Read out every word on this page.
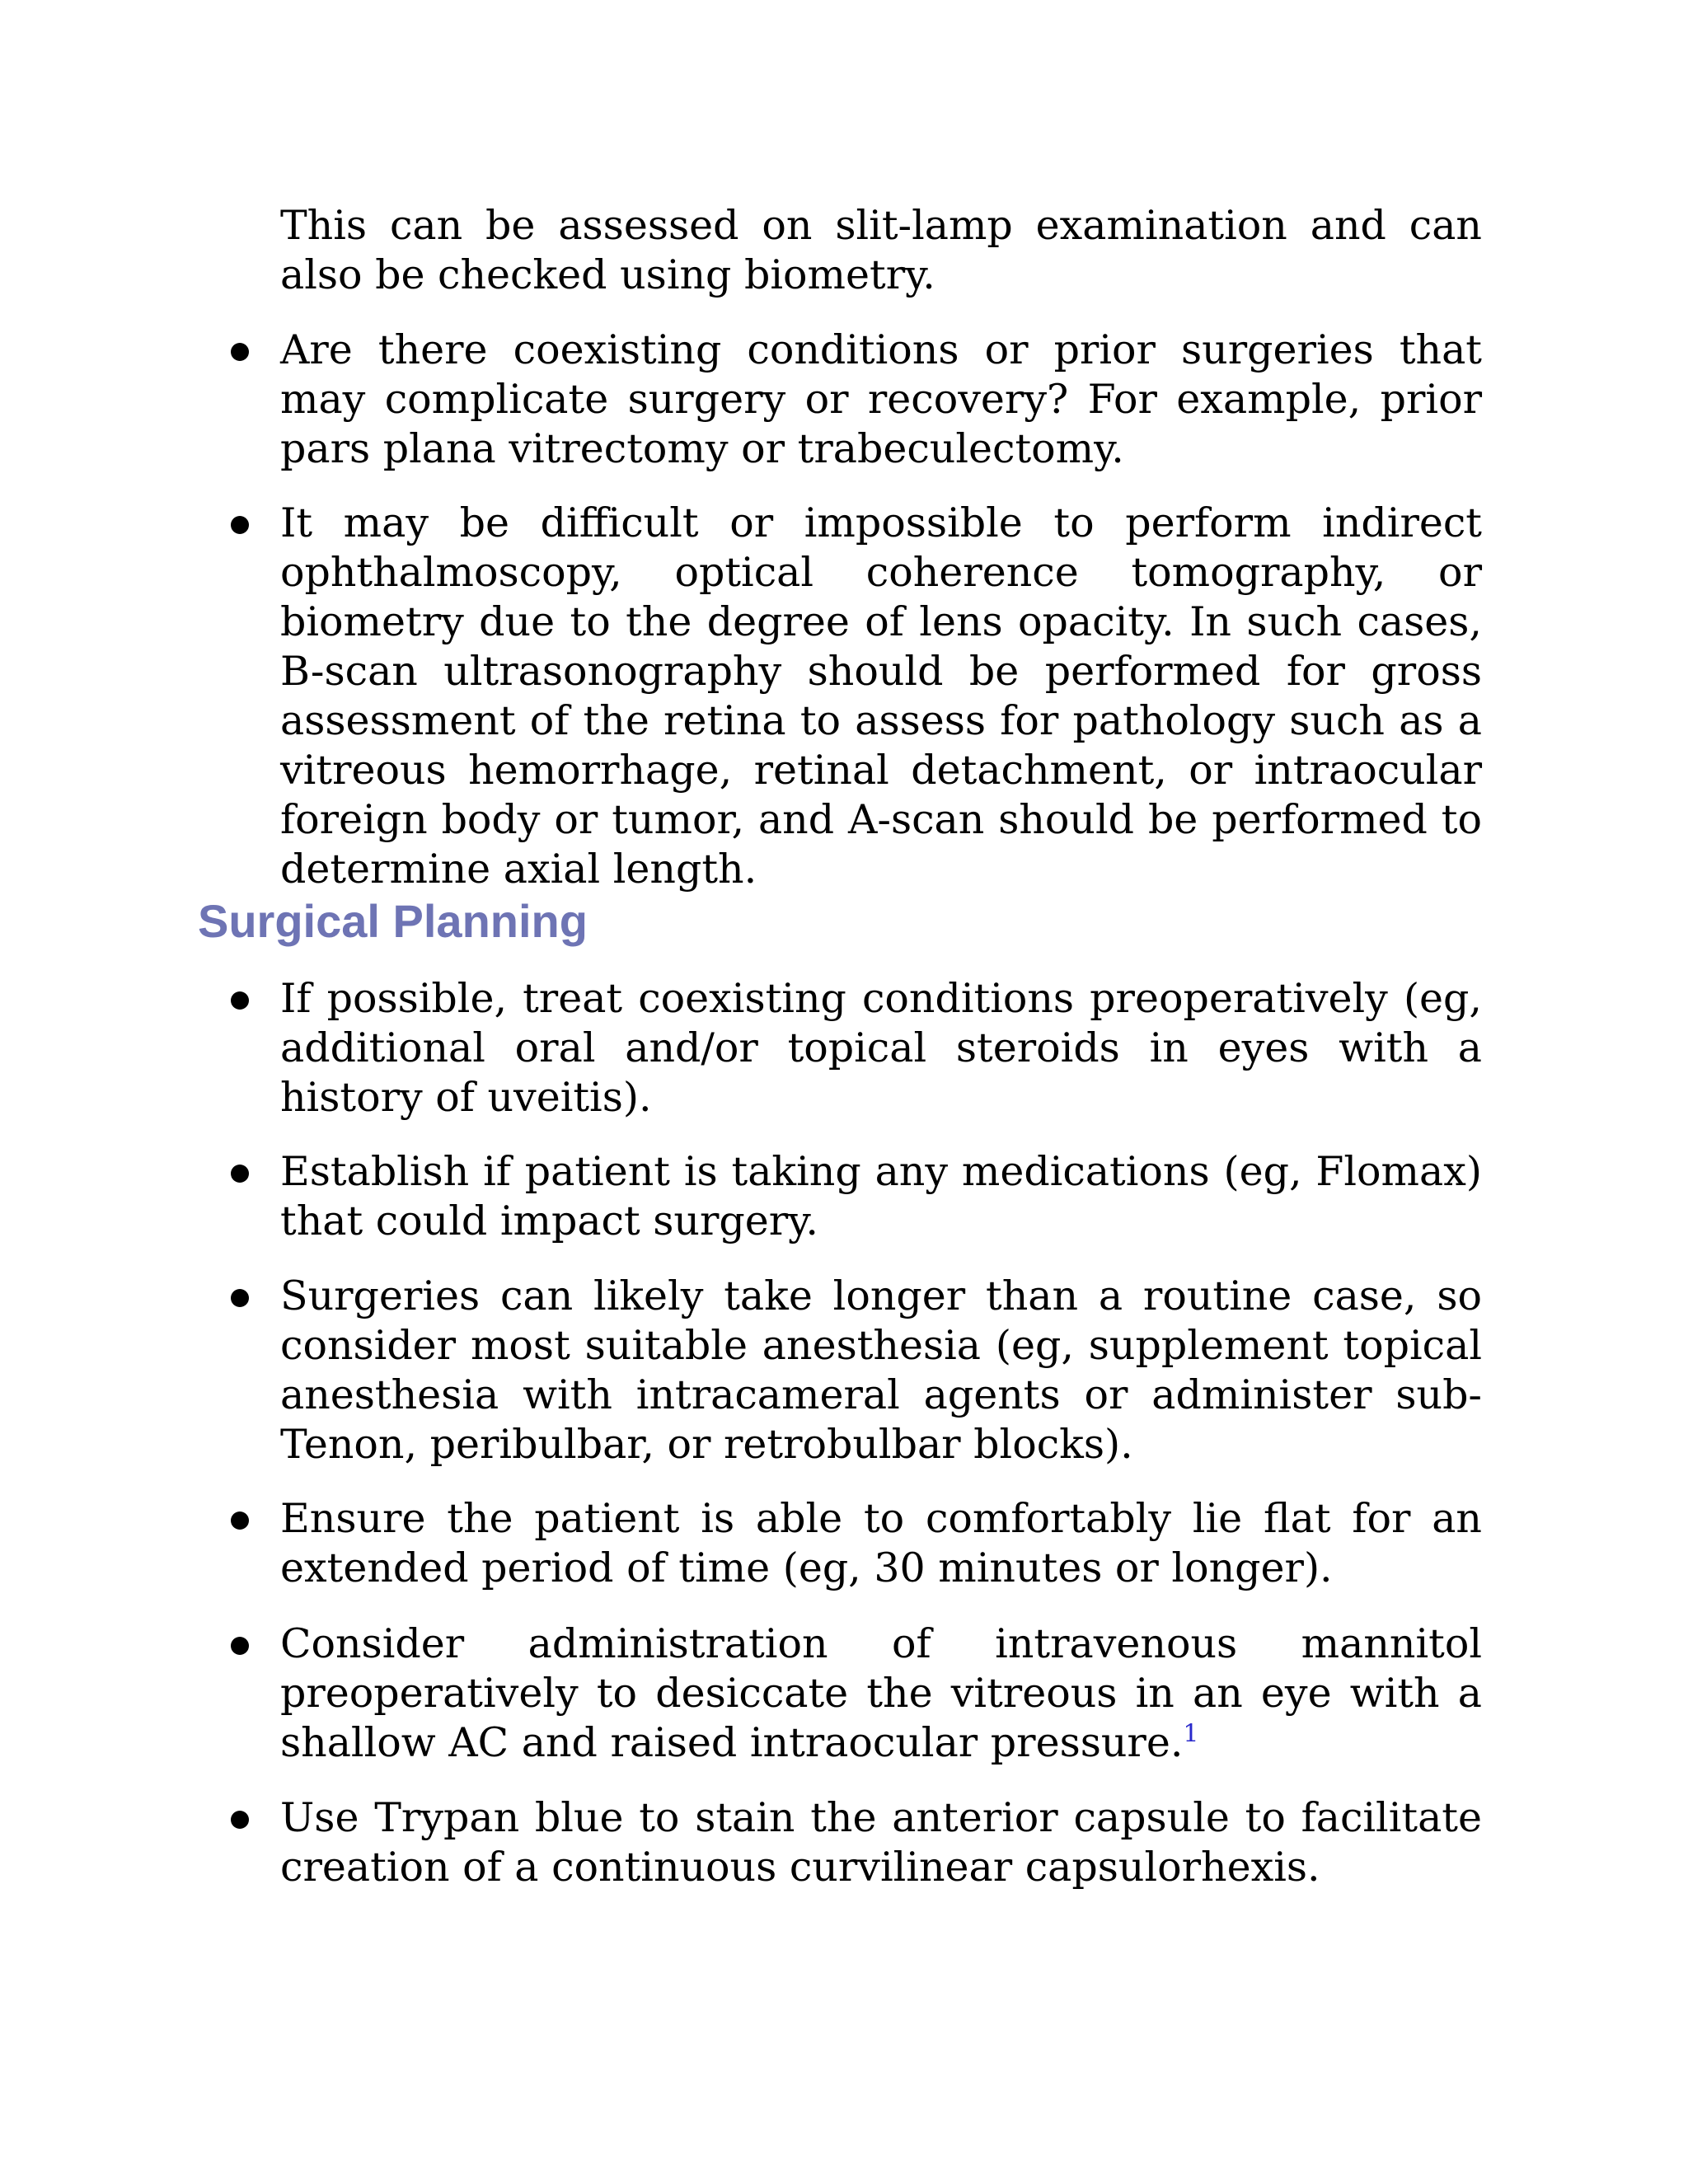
This can be assessed on slit-lamp examination and can also be checked using biometry.

Are there coexisting conditions or prior surgeries that may complicate surgery or recovery? For example, prior pars plana vitrectomy or trabeculectomy.

It may be difficult or impossible to perform indirect ophthalmoscopy, optical coherence tomography, or biometry due to the degree of lens opacity. In such cases, B-scan ultrasonography should be performed for gross assessment of the retina to assess for pathology such as a vitreous hemorrhage, retinal detachment, or intraocular foreign body or tumor, and A-scan should be performed to determine axial length.

Surgical Planning

If possible, treat coexisting conditions preoperatively (eg, additional oral and/or topical steroids in eyes with a history of uveitis).

Establish if patient is taking any medications (eg, Flomax) that could impact surgery.

Surgeries can likely take longer than a routine case, so consider most suitable anesthesia (eg, supplement topical anesthesia with intracameral agents or administer sub-Tenon, peribulbar, or retrobulbar blocks).

Ensure the patient is able to comfortably lie flat for an extended period of time (eg, 30 minutes or longer).

Consider administration of intravenous mannitol preoperatively to desiccate the vitreous in an eye with a shallow AC and raised intraocular pressure.$^1$

Use Trypan blue to stain the anterior capsule to facilitate creation of a continuous curvilinear capsulorhexis.
